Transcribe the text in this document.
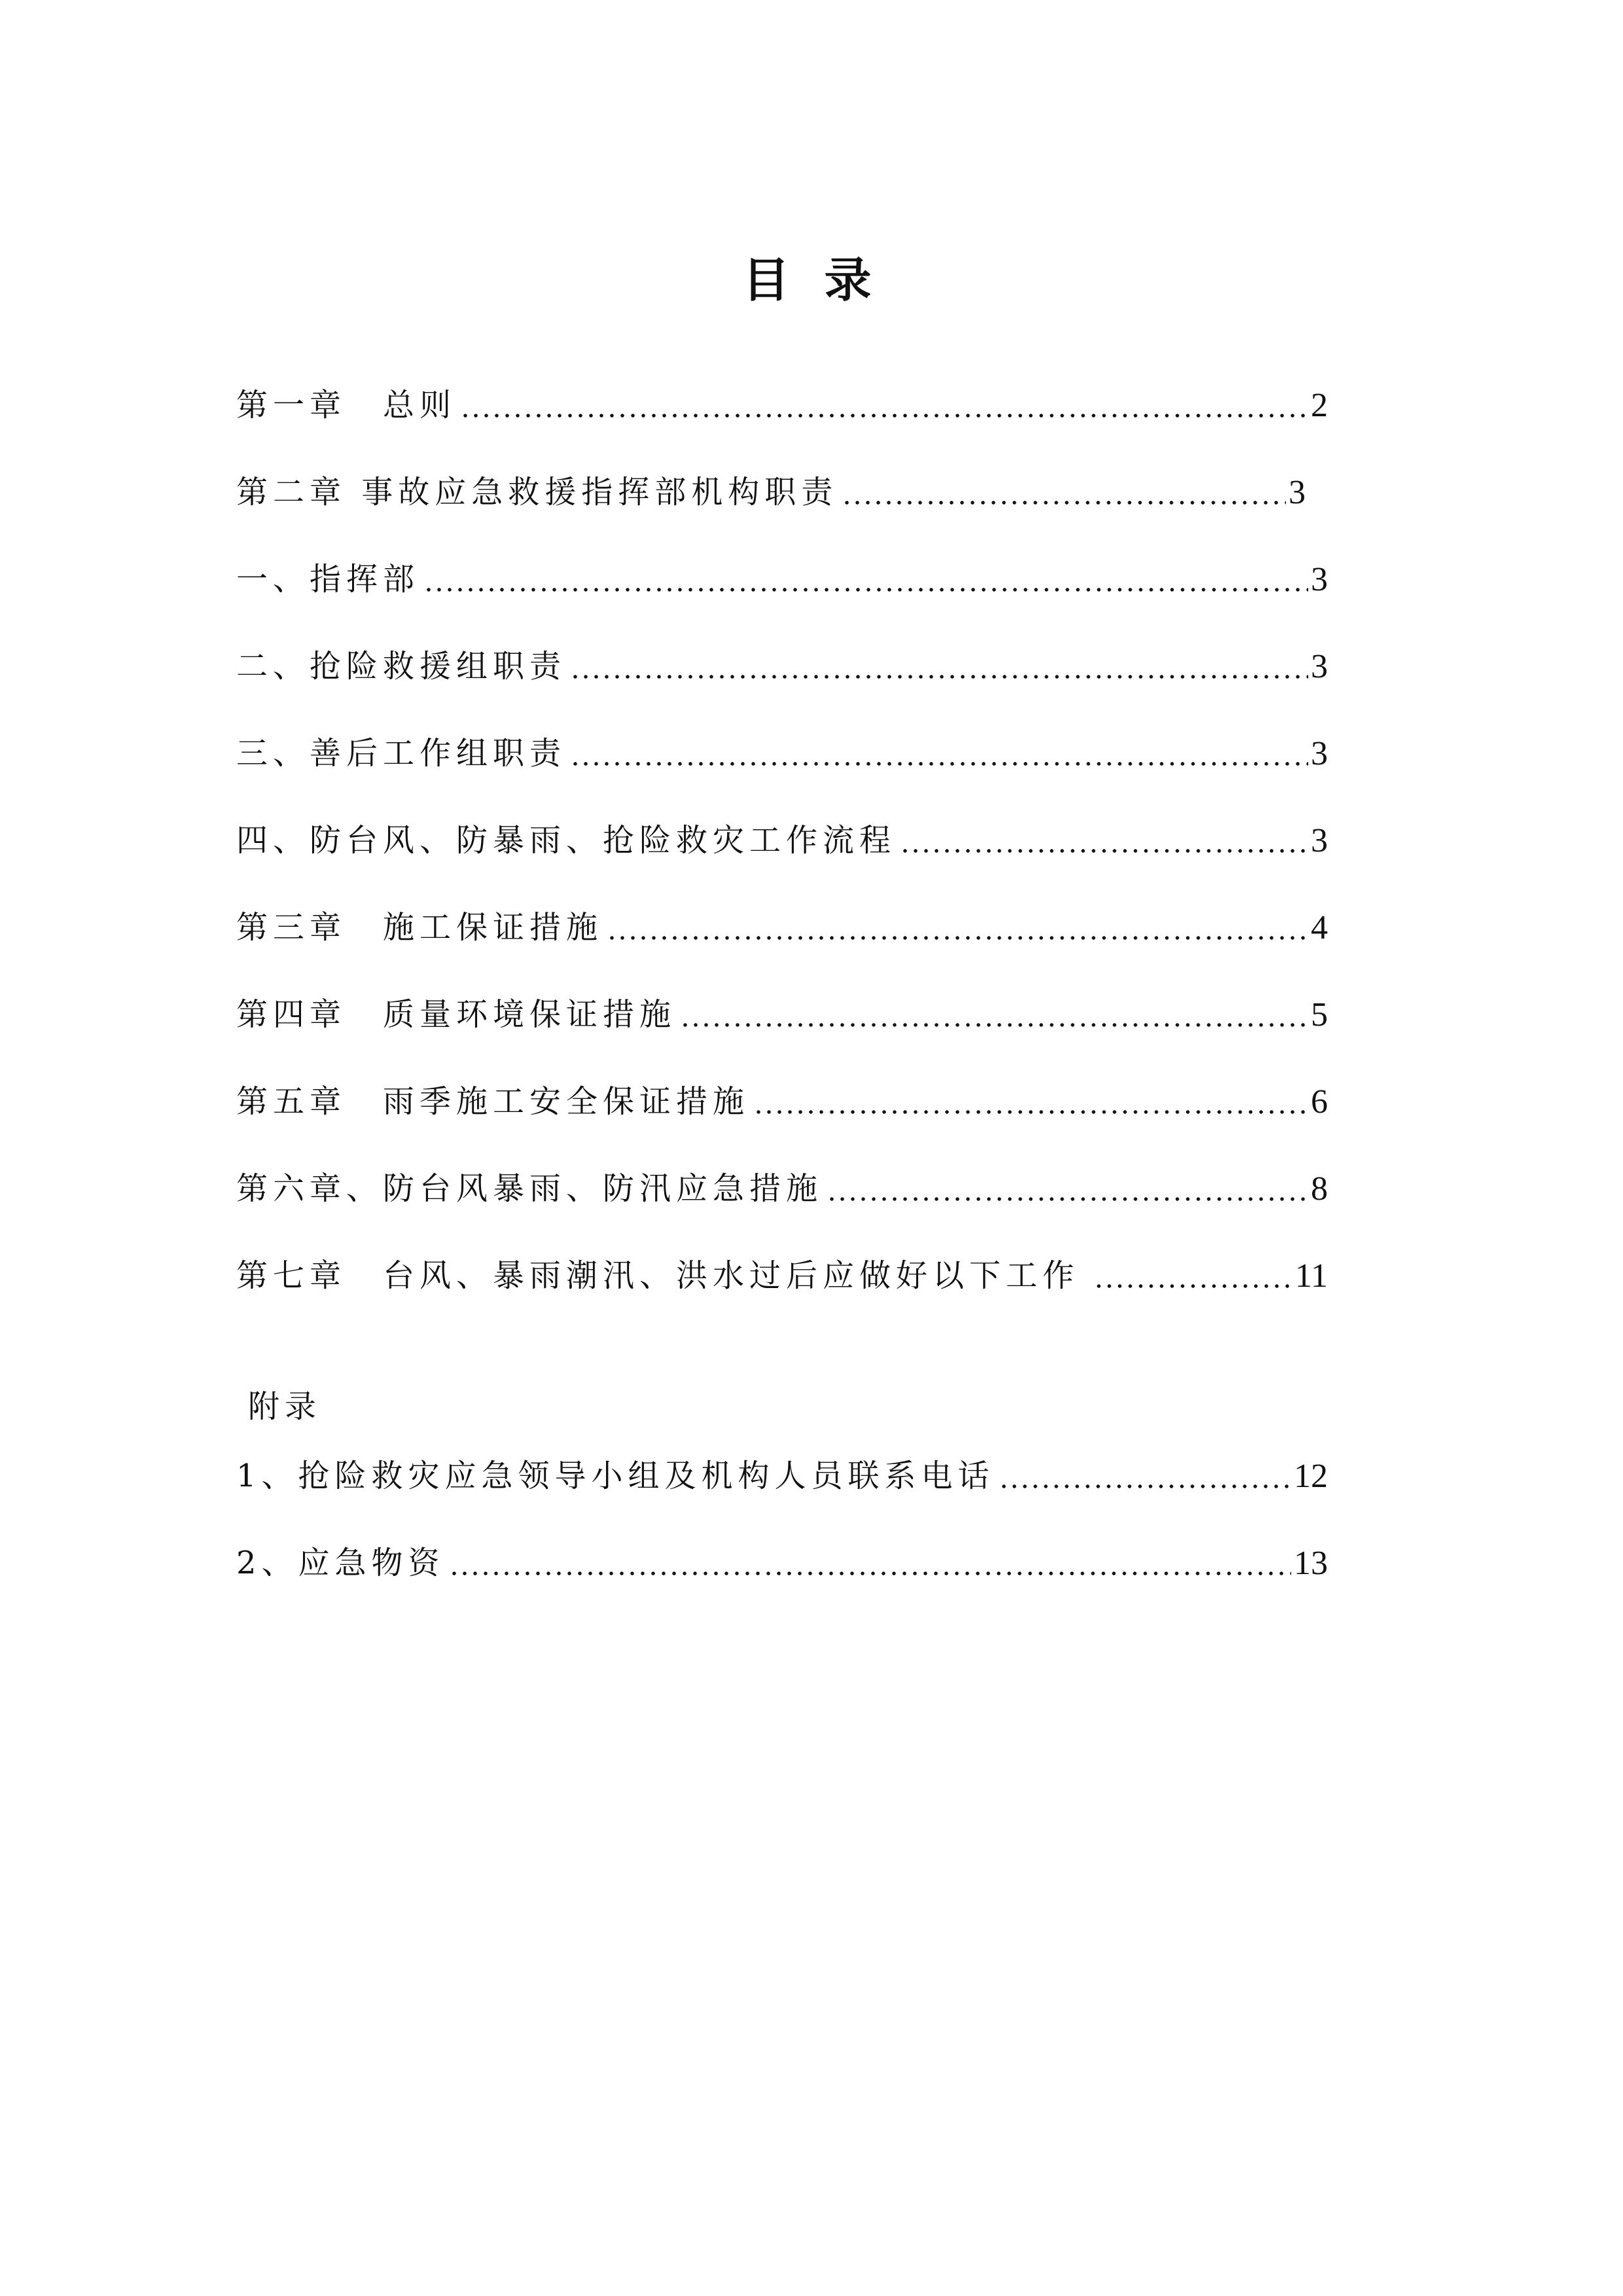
目 录
第一章　总则	2
第二章 事故应急救援指挥部机构职责	3
一、指挥部	3
二、抢险救援组职责	3
三、善后工作组职责	3
四、防台风、防暴雨、抢险救灾工作流程	3
第三章　施工保证措施	4
第四章　质量环境保证措施	5
第五章　雨季施工安全保证措施	6
第六章、防台风暴雨、防汛应急措施	8
第七章　台风、暴雨潮汛、洪水过后应做好以下工作	11
附录
1、抢险救灾应急领导小组及机构人员联系电话	12
2、应急物资	13
